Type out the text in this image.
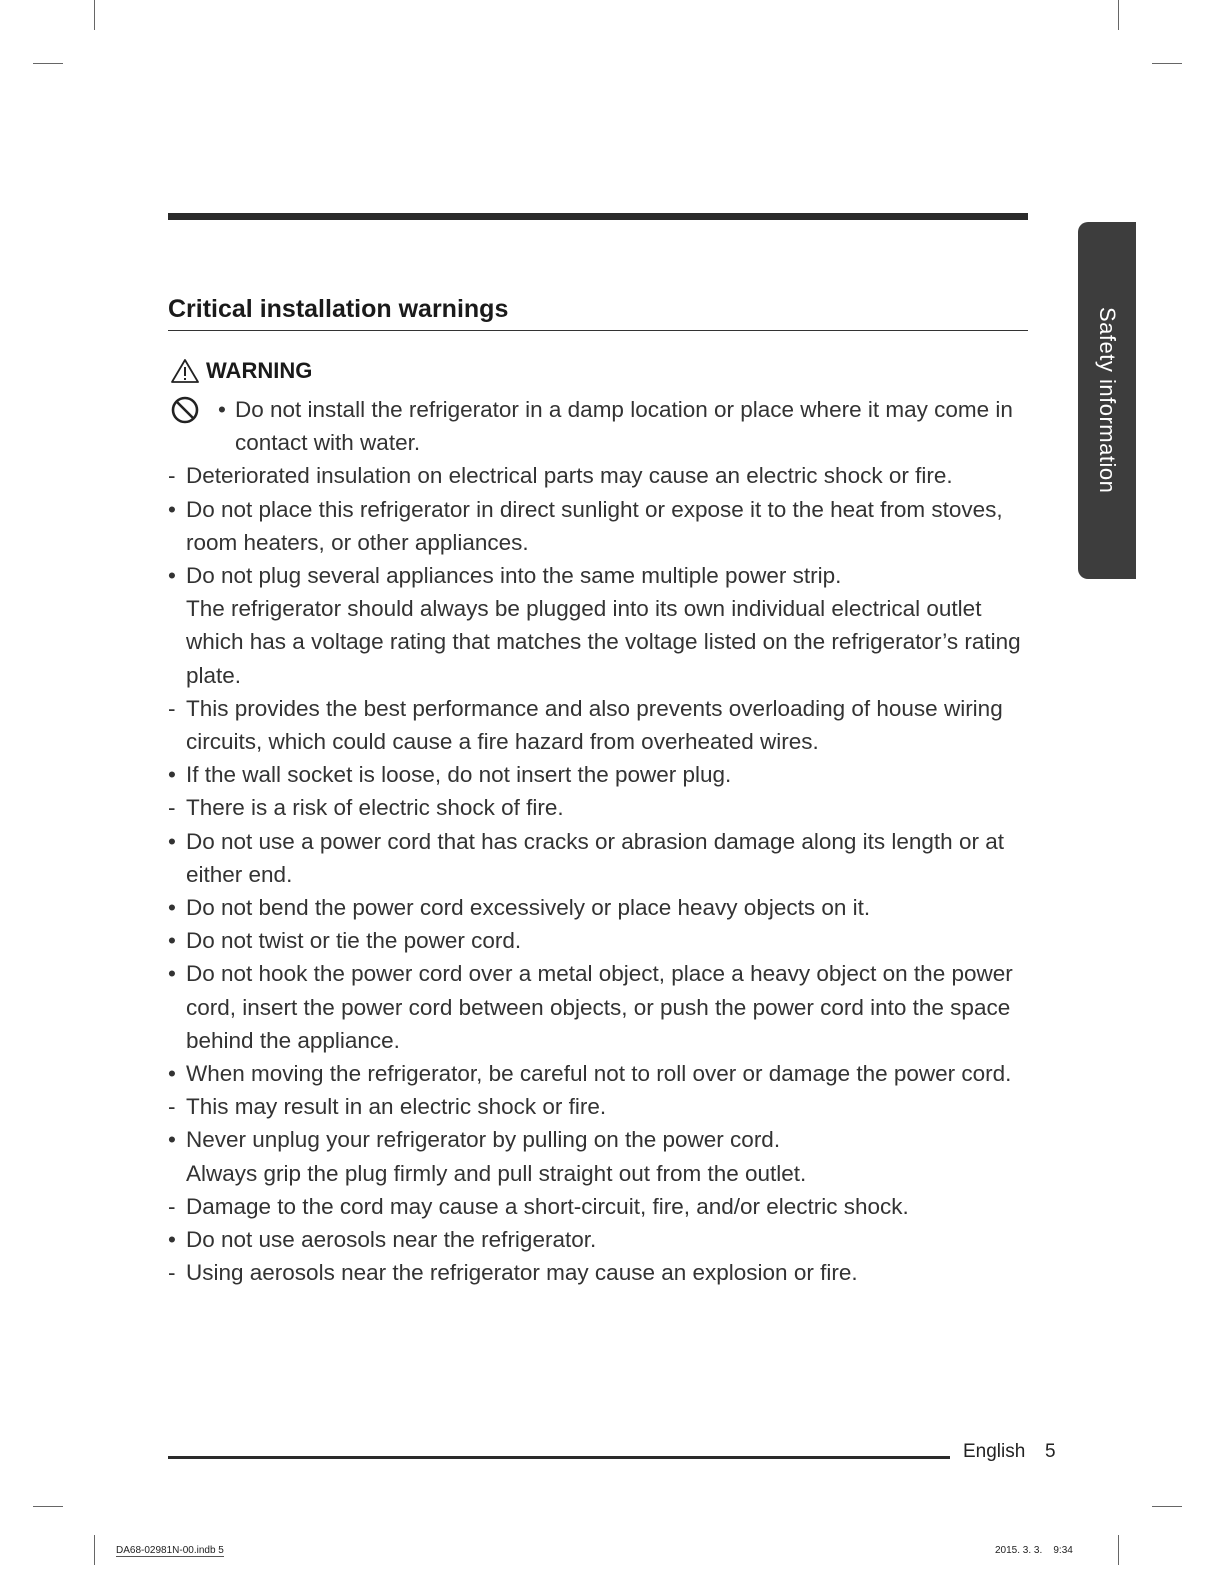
Safety information
Critical installation warnings
WARNING
• Do not install the refrigerator in a damp location or place where it may come in contact with water.
- Deteriorated insulation on electrical parts may cause an electric shock or fire.
• Do not place this refrigerator in direct sunlight or expose it to the heat from stoves, room heaters, or other appliances.
• Do not plug several appliances into the same multiple power strip.
The refrigerator should always be plugged into its own individual electrical outlet which has a voltage rating that matches the voltage listed on the refrigerator’s rating plate.
- This provides the best performance and also prevents overloading of house wiring circuits, which could cause a fire hazard from overheated wires.
• If the wall socket is loose, do not insert the power plug.
- There is a risk of electric shock of fire.
• Do not use a power cord that has cracks or abrasion damage along its length or at either end.
• Do not bend the power cord excessively or place heavy objects on it.
• Do not twist or tie the power cord.
• Do not hook the power cord over a metal object, place a heavy object on the power cord, insert the power cord between objects, or push the power cord into the space behind the appliance.
• When moving the refrigerator, be careful not to roll over or damage the power cord.
- This may result in an electric shock or fire.
• Never unplug your refrigerator by pulling on the power cord.
Always grip the plug firmly and pull straight out from the outlet.
- Damage to the cord may cause a short-circuit, fire, and/or electric shock.
• Do not use aerosols near the refrigerator.
- Using aerosols near the refrigerator may cause an explosion or fire.
English 5
DA68-02981N-00.indb 5	2015. 3. 3.    9:34
